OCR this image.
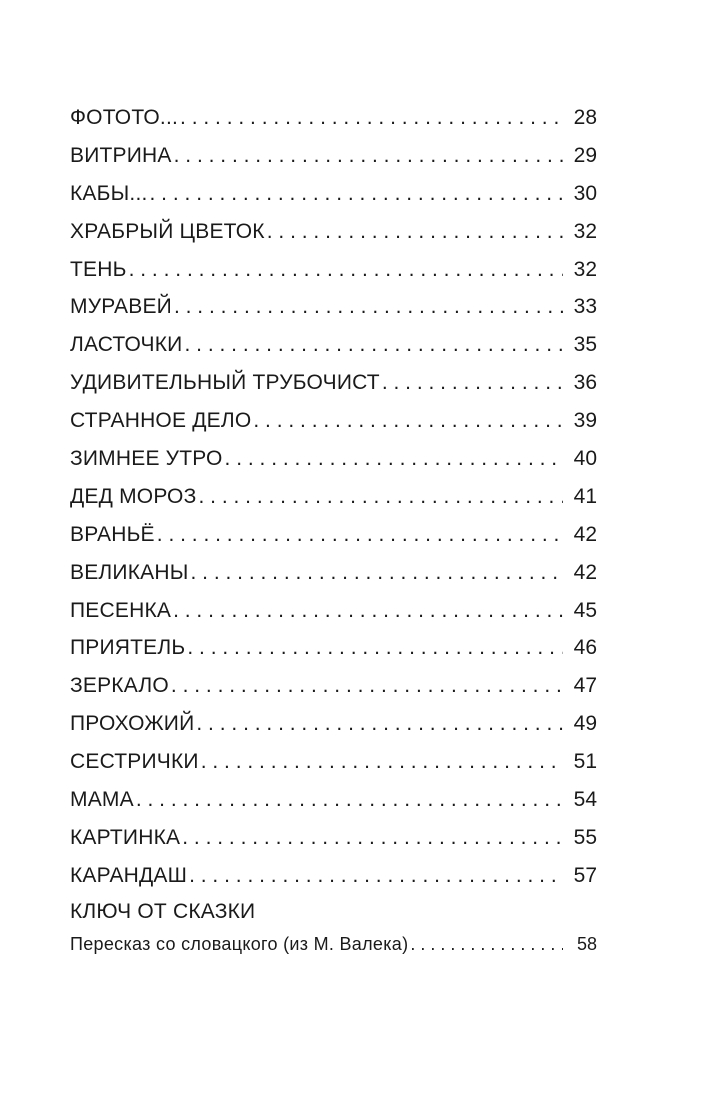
ФОТОТО... . . .	28
ВИТРИНА . . .	29
КАБЫ... . . .	30
ХРАБРЫЙ ЦВЕТОК . . .	32
ТЕНЬ . . .	32
МУРАВЕЙ . . .	33
ЛАСТОЧКИ . . .	35
УДИВИТЕЛЬНЫЙ ТРУБОЧИСТ . . .	36
СТРАННОЕ ДЕЛО . . .	39
ЗИМНЕЕ УТРО . . .	40
ДЕД МОРОЗ . . .	41
ВРАНЬЁ . . .	42
ВЕЛИКАНЫ . . .	42
ПЕСЕНКА . . .	45
ПРИЯТЕЛЬ . . .	46
ЗЕРКАЛО . . .	47
ПРОХОЖИЙ . . .	49
СЕСТРИЧКИ . . .	51
МАМА . . .	54
КАРТИНКА . . .	55
КАРАНДАШ . . .	57
КЛЮЧ ОТ СКАЗКИ
Пересказ со словацкого (из М. Валека) . . .	58
